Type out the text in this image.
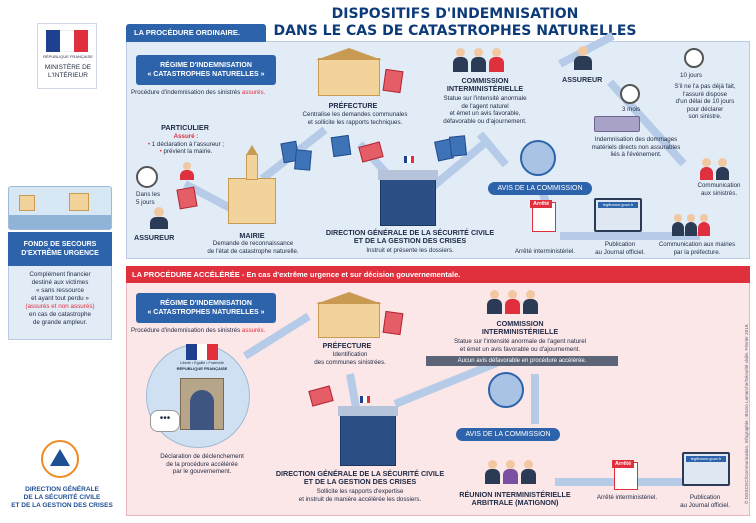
RÉPUBLIQUE FRANÇAISE
MINISTÈRE DE L'INTÉRIEUR
DISPOSITIFS D'INDEMNISATION
DANS LE CAS DE CATASTROPHES NATURELLES
LA PROCÉDURE ORDINAIRE.
RÉGIME D'INDEMNISATION
« CATASTROPHES NATURELLES »
Procédure d'indemnisation des sinistrés assurés.
PARTICULIER
Assuré :
• 1 déclaration à l'assureur ;
• prévient la mairie.
Dans les
5 jours
ASSUREUR	MAIRIE
Demande de reconnaissance
de l'état de catastrophe naturelle.
PRÉFECTURE
Centralise les demandes communales
et sollicite les rapports techniques.
DIRECTION GÉNÉRALE DE LA SÉCURITÉ CIVILE
ET DE LA GESTION DES CRISES
Instruit et présente les dossiers.
COMMISSION
INTERMINISTÉRIELLE
Statue sur l'intensité anormale
de l'agent naturel
et émet un avis favorable,
défavorable ou d'ajournement.
AVIS DE LA COMMISSION
Arrêté
Arrêté interministériel.
legifrance.gouv.fr
Publication
au Journal officiel.
Communication aux mairies
par la préfecture.
Communication
aux sinistrés.
ASSUREUR	10 jours
S'il ne l'a pas déjà fait,
l'assuré dispose
d'un délai de 10 jours
pour déclarer
son sinistre.
3 mois
Indemnisation des dommages
matériels directs non assurables
liés à l'événement.
FONDS DE SECOURS
D'EXTRÊME URGENCE
Complément financier
destiné aux victimes
« sans ressource
et ayant tout perdu »
(assurés et non assurés)
en cas de catastrophe
de grande ampleur.
LA PROCÉDURE ACCÉLÉRÉE - En cas d'extrême urgence et sur décision gouvernementale.
RÉGIME D'INDEMNISATION
« CATASTROPHES NATURELLES »
Procédure d'indemnisation des sinistrés assurés.
Liberté • Égalité • Fraternité
RÉPUBLIQUE FRANÇAISE
•••
Déclaration de déclenchement
de la procédure accélérée
par le gouvernement.
PRÉFECTURE
Identification
des communes sinistrées.
DIRECTION GÉNÉRALE DE LA SÉCURITÉ CIVILE
ET DE LA GESTION DES CRISES
Sollicite les rapports d'expertise
et instruit de manière accélérée les dossiers.
COMMISSION
INTERMINISTÉRIELLE
Statue sur l'intensité anormale de l'agent naturel
et émet un avis favorable ou d'ajournement.
Aucun avis défavorable en procédure accélérée.
AVIS DE LA COMMISSION
RÉUNION INTERMINISTÉRIELLE
ARBITRALE (MATIGNON)
Arrêté
Arrêté interministériel.
legifrance.gouv.fr
Publication
au Journal officiel.
© DGSCGC/Communication. Infographie : Bruno Lamarche/Sécurité civile. Février 2019.
DIRECTION GÉNÉRALE
DE LA SÉCURITÉ CIVILE
ET DE LA GESTION DES CRISES
